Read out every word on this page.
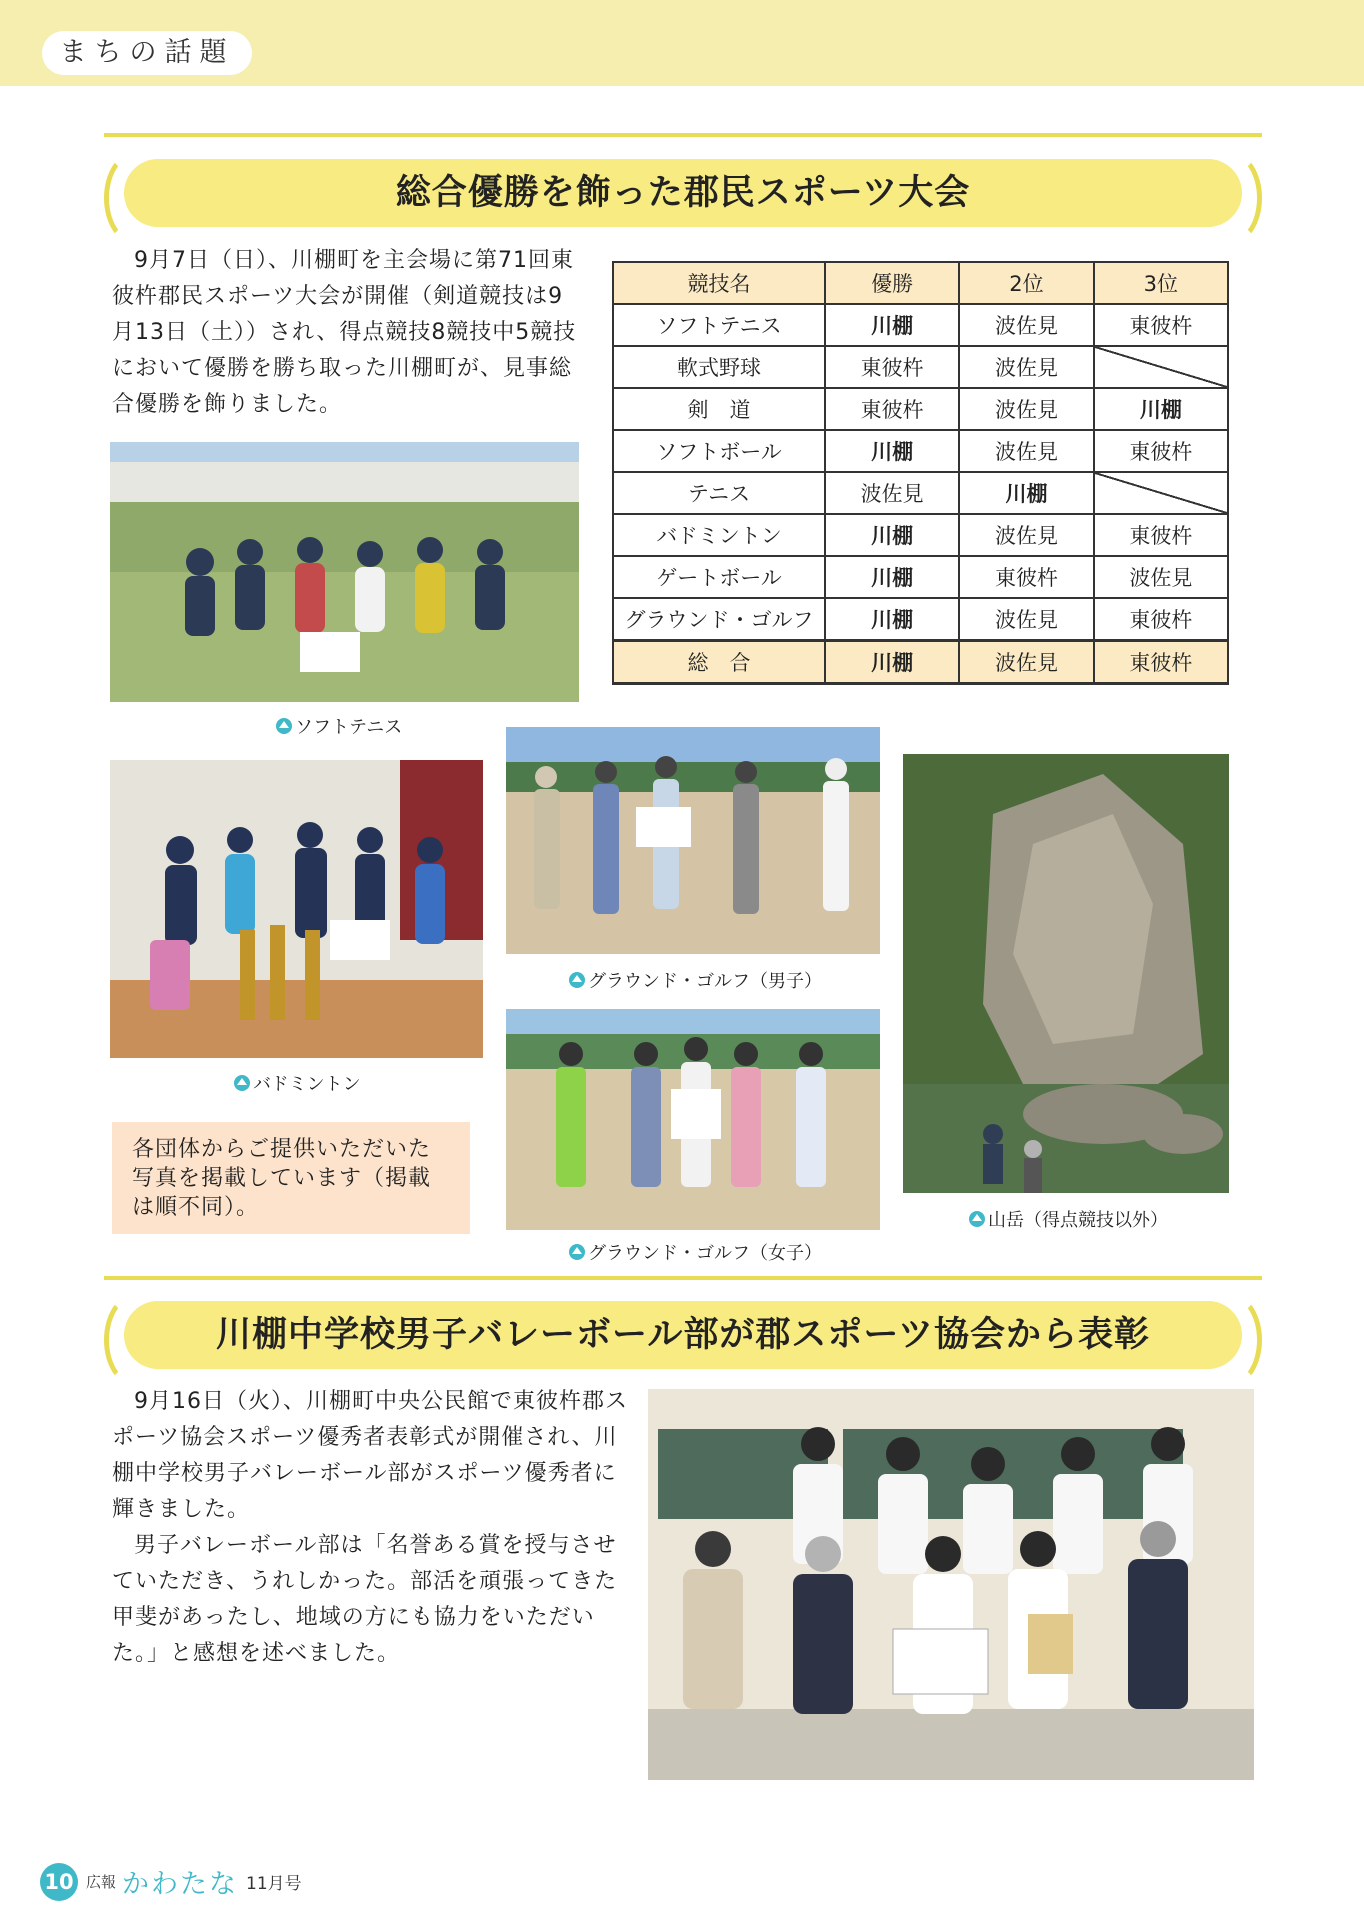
まちの話題
総合優勝を飾った郡民スポーツ大会

9月7日（日）、川棚町を主会場に第71回東彼杵郡民スポーツ大会が開催（剣道競技は9月13日（土））され、得点競技8競技中5競技において優勝を勝ち取った川棚町が、見事総合優勝を飾りました。

競技名	優勝	2位	3位
ソフトテニス	川棚	波佐見	東彼杵
軟式野球	東彼杵	波佐見	
剣　道	東彼杵	波佐見	川棚
ソフトボール	川棚	波佐見	東彼杵
テニス	波佐見	川棚	
バドミントン	川棚	波佐見	東彼杵
ゲートボール	川棚	東彼杵	波佐見
グラウンド・ゴルフ	川棚	波佐見	東彼杵
総　合	川棚	波佐見	東彼杵
ソフトテニス
バドミントン
グラウンド・ゴルフ（男子）
グラウンド・ゴルフ（女子）
山岳（得点競技以外）
各団体からご提供いただいた写真を掲載しています（掲載は順不同）。
川棚中学校男子バレーボール部が郡スポーツ協会から表彰

9月16日（火）、川棚町中央公民館で東彼杵郡スポーツ協会スポーツ優秀者表彰式が開催され、川棚中学校男子バレーボール部がスポーツ優秀者に輝きました。

男子バレーボール部は「名誉ある賞を授与させていただき、うれしかった。部活を頑張ってきた甲斐があったし、地域の方にも協力をいただいた。」と感想を述べました。

10 広報 かわたな 11月号
